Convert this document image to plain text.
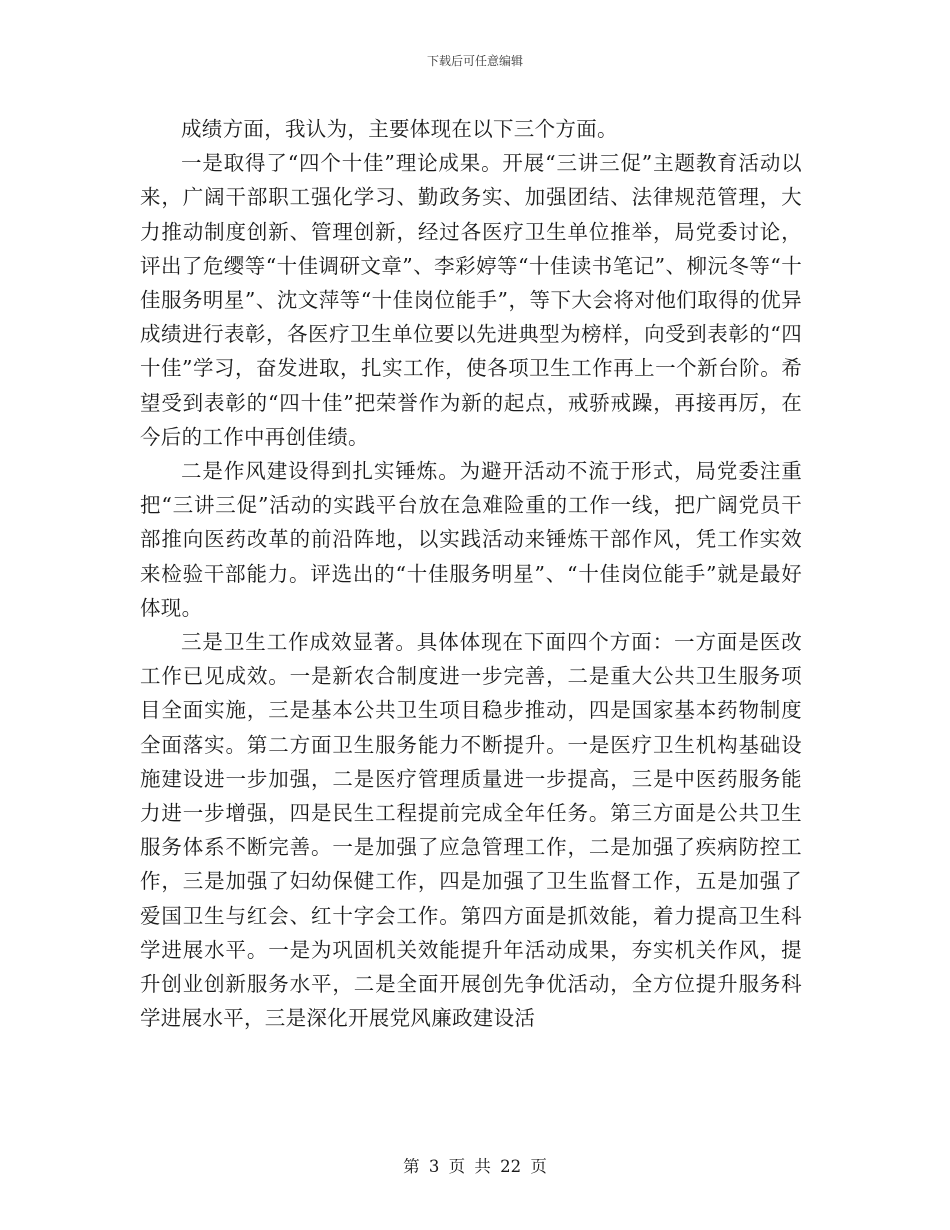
下载后可任意编辑

成绩方面，我认为，主要体现在以下三个方面。

一是取得了“四个十佳”理论成果。开展“三讲三促”主题教育活动以来，广阔干部职工强化学习、勤政务实、加强团结、法律规范管理，大力推动制度创新、管理创新，经过各医疗卫生单位推举，局党委讨论，评出了危缨等“十佳调研文章”、李彩婷等“十佳读书笔记”、柳沅冬等“十佳服务明星”、沈文萍等“十佳岗位能手”，等下大会将对他们取得的优异成绩进行表彰，各医疗卫生单位要以先进典型为榜样，向受到表彰的“四十佳”学习，奋发进取，扎实工作，使各项卫生工作再上一个新台阶。希望受到表彰的“四十佳”把荣誉作为新的起点，戒骄戒躁，再接再厉，在今后的工作中再创佳绩。

二是作风建设得到扎实锤炼。为避开活动不流于形式，局党委注重把“三讲三促”活动的实践平台放在急难险重的工作一线，把广阔党员干部推向医药改革的前沿阵地，以实践活动来锤炼干部作风，凭工作实效来检验干部能力。评选出的“十佳服务明星”、“十佳岗位能手”就是最好体现。

三是卫生工作成效显著。具体体现在下面四个方面：一方面是医改工作已见成效。一是新农合制度进一步完善，二是重大公共卫生服务项目全面实施，三是基本公共卫生项目稳步推动，四是国家基本药物制度全面落实。第二方面卫生服务能力不断提升。一是医疗卫生机构基础设施建设进一步加强，二是医疗管理质量进一步提高，三是中医药服务能力进一步增强，四是民生工程提前完成全年任务。第三方面是公共卫生服务体系不断完善。一是加强了应急管理工作，二是加强了疾病防控工作，三是加强了妇幼保健工作，四是加强了卫生监督工作，五是加强了爱国卫生与红会、红十字会工作。第四方面是抓效能，着力提高卫生科学进展水平。一是为巩固机关效能提升年活动成果，夯实机关作风，提升创业创新服务水平，二是全面开展创先争优活动，全方位提升服务科学进展水平，三是深化开展党风廉政建设活

第 3 页 共 22 页
